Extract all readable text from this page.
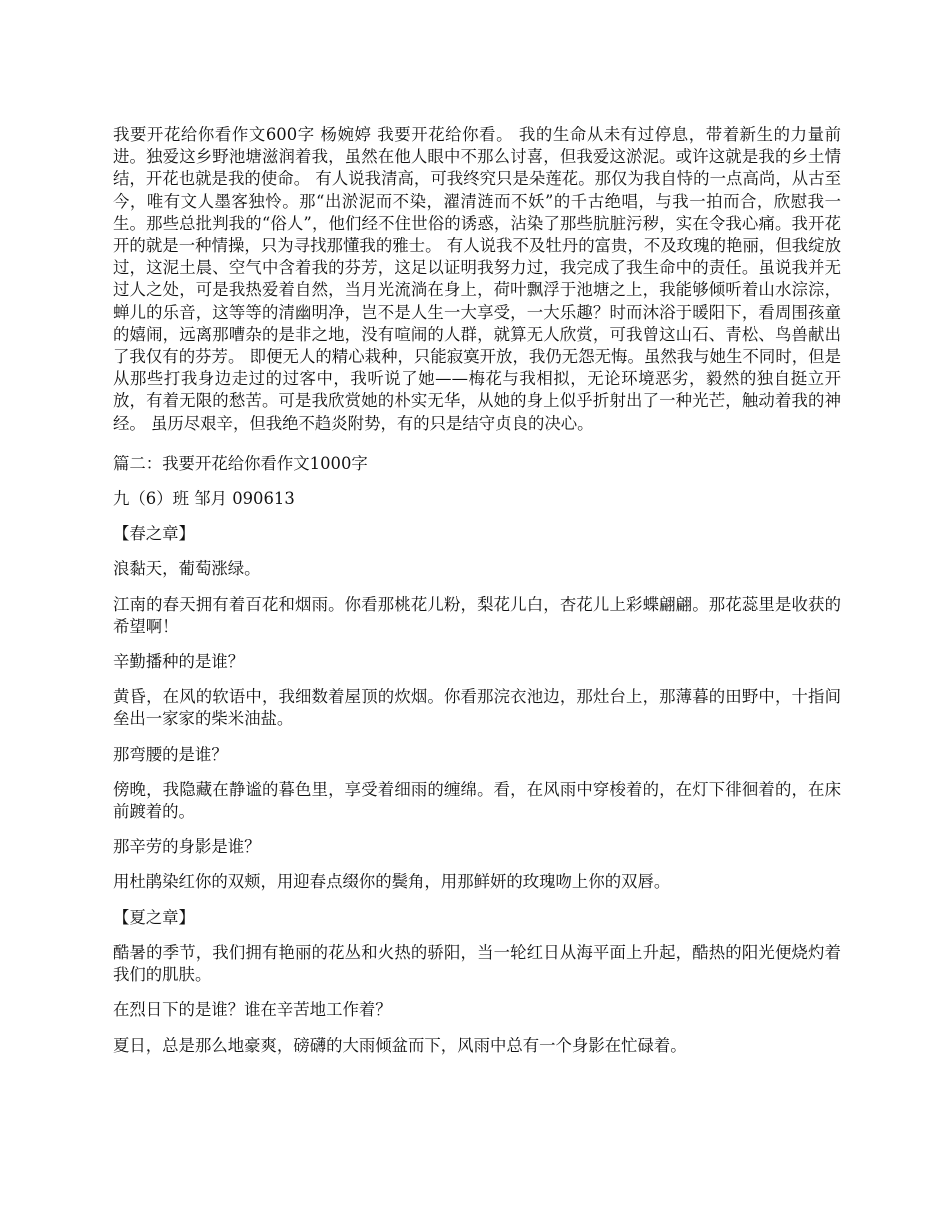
我要开花给你看作文600字 杨婉婷 我要开花给你看。 我的生命从未有过停息，带着新生的力量前进。独爱这乡野池塘滋润着我，虽然在他人眼中不那么讨喜，但我爱这淤泥。或许这就是我的乡土情结，开花也就是我的使命。 有人说我清高，可我终究只是朵莲花。那仅为我自恃的一点高尚，从古至今，唯有文人墨客独怜。那“出淤泥而不染，濯清涟而不妖”的千古绝唱，与我一拍而合，欣慰我一生。那些总批判我的“俗人”，他们经不住世俗的诱惑，沾染了那些肮脏污秽，实在令我心痛。我开花开的就是一种情操，只为寻找那懂我的雅士。 有人说我不及牡丹的富贵，不及玫瑰的艳丽，但我绽放过，这泥土晨、空气中含着我的芬芳，这足以证明我努力过，我完成了我生命中的责任。虽说我并无过人之处，可是我热爱着自然，当月光流淌在身上，荷叶飘浮于池塘之上，我能够倾听着山水淙淙，蝉儿的乐音，这等等的清幽明净，岂不是人生一大享受，一大乐趣？时而沐浴于暖阳下，看周围孩童的嬉闹，远离那嘈杂的是非之地，没有喧闹的人群，就算无人欣赏，可我曾这山石、青松、鸟兽献出了我仅有的芬芳。 即便无人的精心栽种，只能寂寞开放，我仍无怨无悔。虽然我与她生不同时，但是从那些打我身边走过的过客中，我听说了她——梅花与我相拟，无论环境恶劣，毅然的独自挺立开放，有着无限的愁苦。可是我欣赏她的朴实无华，从她的身上似乎折射出了一种光芒，触动着我的神经。 虽历尽艰辛，但我绝不趋炎附势，有的只是结守贞良的决心。

篇二：我要开花给你看作文1000字

九（6）班 邹月 090613

【春之章】

浪黏天，葡萄涨绿。

江南的春天拥有着百花和烟雨。你看那桃花儿粉，梨花儿白，杏花儿上彩蝶翩翩。那花蕊里是收获的希望啊！

辛勤播种的是谁？

黄昏，在风的软语中，我细数着屋顶的炊烟。你看那浣衣池边，那灶台上，那薄暮的田野中，十指间垒出一家家的柴米油盐。

那弯腰的是谁？

傍晚，我隐藏在静谧的暮色里，享受着细雨的缠绵。看，在风雨中穿梭着的，在灯下徘徊着的，在床前踱着的。

那辛劳的身影是谁？

用杜鹃染红你的双颊，用迎春点缀你的鬓角，用那鲜妍的玫瑰吻上你的双唇。

【夏之章】

酷暑的季节，我们拥有艳丽的花丛和火热的骄阳，当一轮红日从海平面上升起，酷热的阳光便烧灼着我们的肌肤。

在烈日下的是谁？谁在辛苦地工作着？

夏日，总是那么地豪爽，磅礴的大雨倾盆而下，风雨中总有一个身影在忙碌着。
